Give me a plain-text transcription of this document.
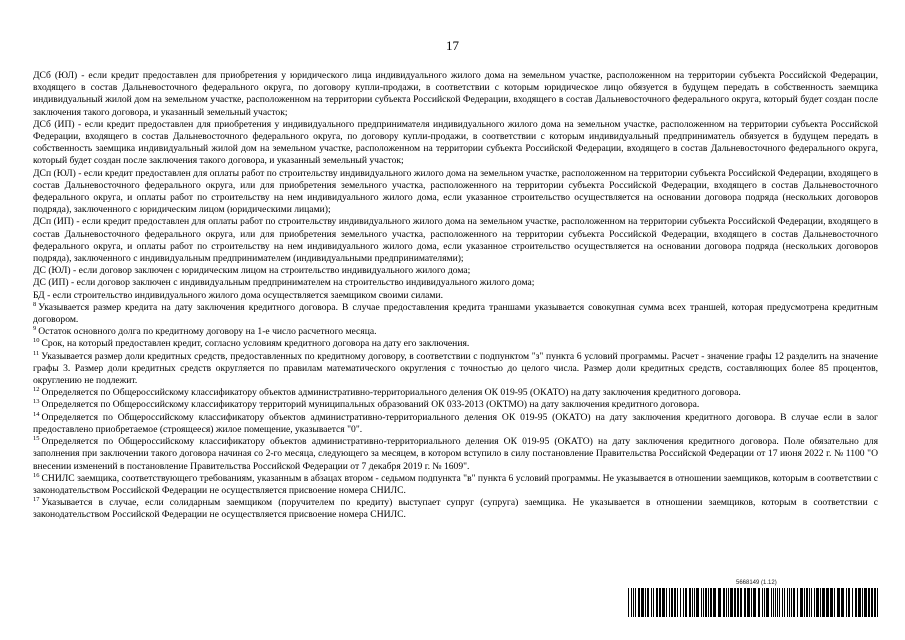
17

ДСб (ЮЛ) - если кредит предоставлен для приобретения у юридического лица индивидуального жилого дома на земельном участке, расположенном на территории субъекта Российской Федерации, входящего в состав Дальневосточного федерального округа, по договору купли-продажи, в соответствии с которым юридическое лицо обязуется в будущем передать в собственность заемщика индивидуальный жилой дом на земельном участке, расположенном на территории субъекта Российской Федерации, входящего в состав Дальневосточного федерального округа, который будет создан после заключения такого договора, и указанный земельный участок;

ДСб (ИП) - если кредит предоставлен для приобретения у индивидуального предпринимателя индивидуального жилого дома на земельном участке, расположенном на территории субъекта Российской Федерации, входящего в состав Дальневосточного федерального округа, по договору купли-продажи, в соответствии с которым индивидуальный предприниматель обязуется в будущем передать в собственность заемщика индивидуальный жилой дом на земельном участке, расположенном на территории субъекта Российской Федерации, входящего в состав Дальневосточного федерального округа, который будет создан после заключения такого договора, и указанный земельный участок;

ДСп (ЮЛ) - если кредит предоставлен для оплаты работ по строительству индивидуального жилого дома на земельном участке, расположенном на территории субъекта Российской Федерации, входящего в состав Дальневосточного федерального округа, или для приобретения земельного участка, расположенного на территории субъекта Российской Федерации, входящего в состав Дальневосточного федерального округа, и оплаты работ по строительству на нем индивидуального жилого дома, если указанное строительство осуществляется на основании договора подряда (нескольких договоров подряда), заключенного с юридическим лицом (юридическими лицами);

ДСп (ИП) - если кредит предоставлен для оплаты работ по строительству индивидуального жилого дома на земельном участке, расположенном на территории субъекта Российской Федерации, входящего в состав Дальневосточного федерального округа, или для приобретения земельного участка, расположенного на территории субъекта Российской Федерации, входящего в состав Дальневосточного федерального округа, и оплаты работ по строительству на нем индивидуального жилого дома, если указанное строительство осуществляется на основании договора подряда (нескольких договоров подряда), заключенного с индивидуальным предпринимателем (индивидуальными предпринимателями);

ДС (ЮЛ) - если договор заключен с юридическим лицом на строительство индивидуального жилого дома;

ДС (ИП) - если договор заключен с индивидуальным предпринимателем на строительство индивидуального жилого дома;

БД - если строительство индивидуального жилого дома осуществляется заемщиком своими силами.

$^8$ Указывается размер кредита на дату заключения кредитного договора. В случае предоставления кредита траншами указывается совокупная сумма всех траншей, которая предусмотрена кредитным договором.

$^9$ Остаток основного долга по кредитному договору на 1-е число расчетного месяца.

$^{10}$ Срок, на который предоставлен кредит, согласно условиям кредитного договора на дату его заключения.

$^{11}$ Указывается размер доли кредитных средств, предоставленных по кредитному договору, в соответствии с подпунктом "з" пункта 6 условий программы. Расчет - значение графы 12 разделить на значение графы 3. Размер доли кредитных средств округляется по правилам математического округления с точностью до целого числа. Размер доли кредитных средств, составляющих более 85 процентов, округлению не подлежит.

$^{12}$ Определяется по Общероссийскому классификатору объектов административно-территориального деления ОК 019-95 (ОКАТО) на дату заключения кредитного договора.

$^{13}$ Определяется по Общероссийскому классификатору территорий муниципальных образований ОК 033-2013 (ОКТМО) на дату заключения кредитного договора.

$^{14}$ Определяется по Общероссийскому классификатору объектов административно-территориального деления ОК 019-95 (ОКАТО) на дату заключения кредитного договора. В случае если в залог предоставлено приобретаемое (строящееся) жилое помещение, указывается "0".

$^{15}$ Определяется по Общероссийскому классификатору объектов административно-территориального деления ОК 019-95 (ОКАТО) на дату заключения кредитного договора. Поле обязательно для заполнения при заключении такого договора начиная со 2-го месяца, следующего за месяцем, в котором вступило в силу постановление Правительства Российской Федерации от 17 июня 2022 г. № 1100 "О внесении изменений в постановление Правительства Российской Федерации от 7 декабря 2019 г. № 1609".

$^{16}$ СНИЛС заемщика, соответствующего требованиям, указанным в абзацах втором - седьмом подпункта "в" пункта 6 условий программы. Не указывается в отношении заемщиков, которым в соответствии с законодательством Российской Федерации не осуществляется присвоение номера СНИЛС.

$^{17}$ Указывается в случае, если солидарным заемщиком (поручителем по кредиту) выступает супруг (супруга) заемщика. Не указывается в отношении заемщиков, которым в соответствии с законодательством Российской Федерации не осуществляется присвоение номера СНИЛС.

5668149 (1.12)
